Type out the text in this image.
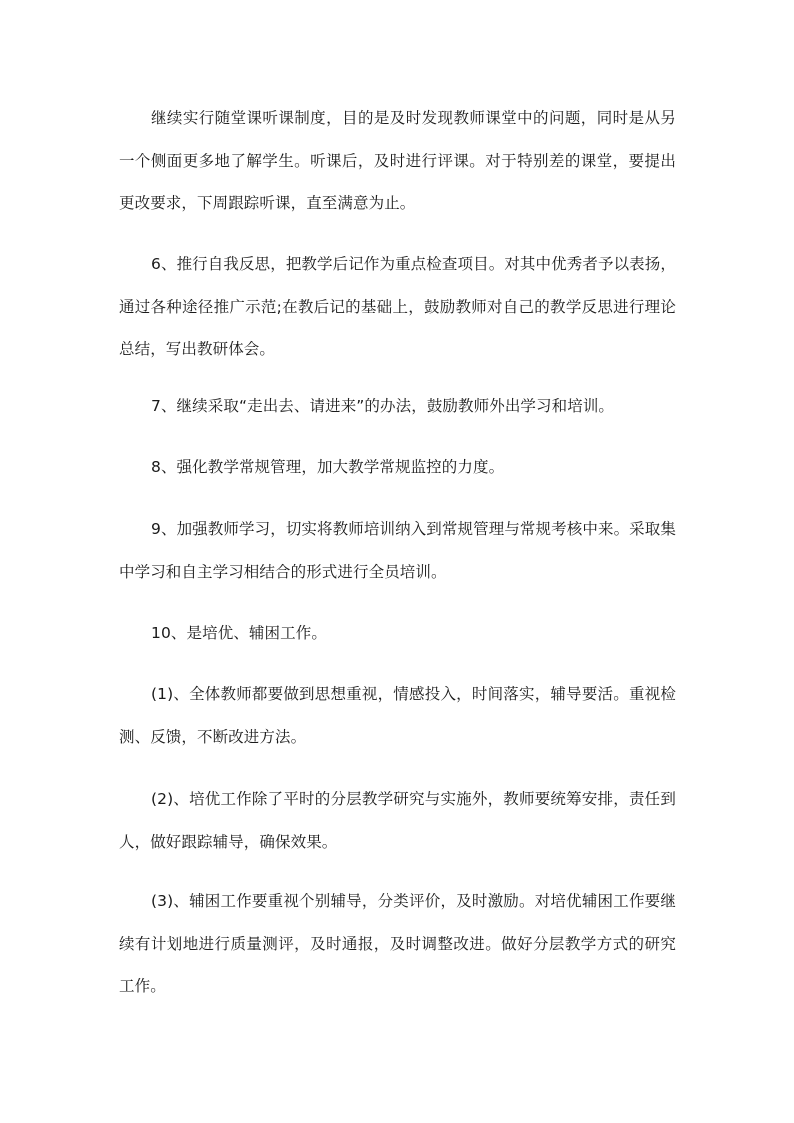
继续实行随堂课听课制度，目的是及时发现教师课堂中的问题，同时是从另一个侧面更多地了解学生。听课后，及时进行评课。对于特别差的课堂，要提出更改要求，下周跟踪听课，直至满意为止。

6、推行自我反思，把教学后记作为重点检查项目。对其中优秀者予以表扬，通过各种途径推广示范;在教后记的基础上，鼓励教师对自己的教学反思进行理论总结，写出教研体会。

7、继续采取“走出去、请进来”的办法，鼓励教师外出学习和培训。

8、强化教学常规管理，加大教学常规监控的力度。

9、加强教师学习，切实将教师培训纳入到常规管理与常规考核中来。采取集中学习和自主学习相结合的形式进行全员培训。

10、是培优、辅困工作。

(1)、全体教师都要做到思想重视，情感投入，时间落实，辅导要活。重视检测、反馈，不断改进方法。

(2)、培优工作除了平时的分层教学研究与实施外，教师要统筹安排，责任到人，做好跟踪辅导，确保效果。

(3)、辅困工作要重视个别辅导，分类评价，及时激励。对培优辅困工作要继续有计划地进行质量测评，及时通报，及时调整改进。做好分层教学方式的研究工作。
